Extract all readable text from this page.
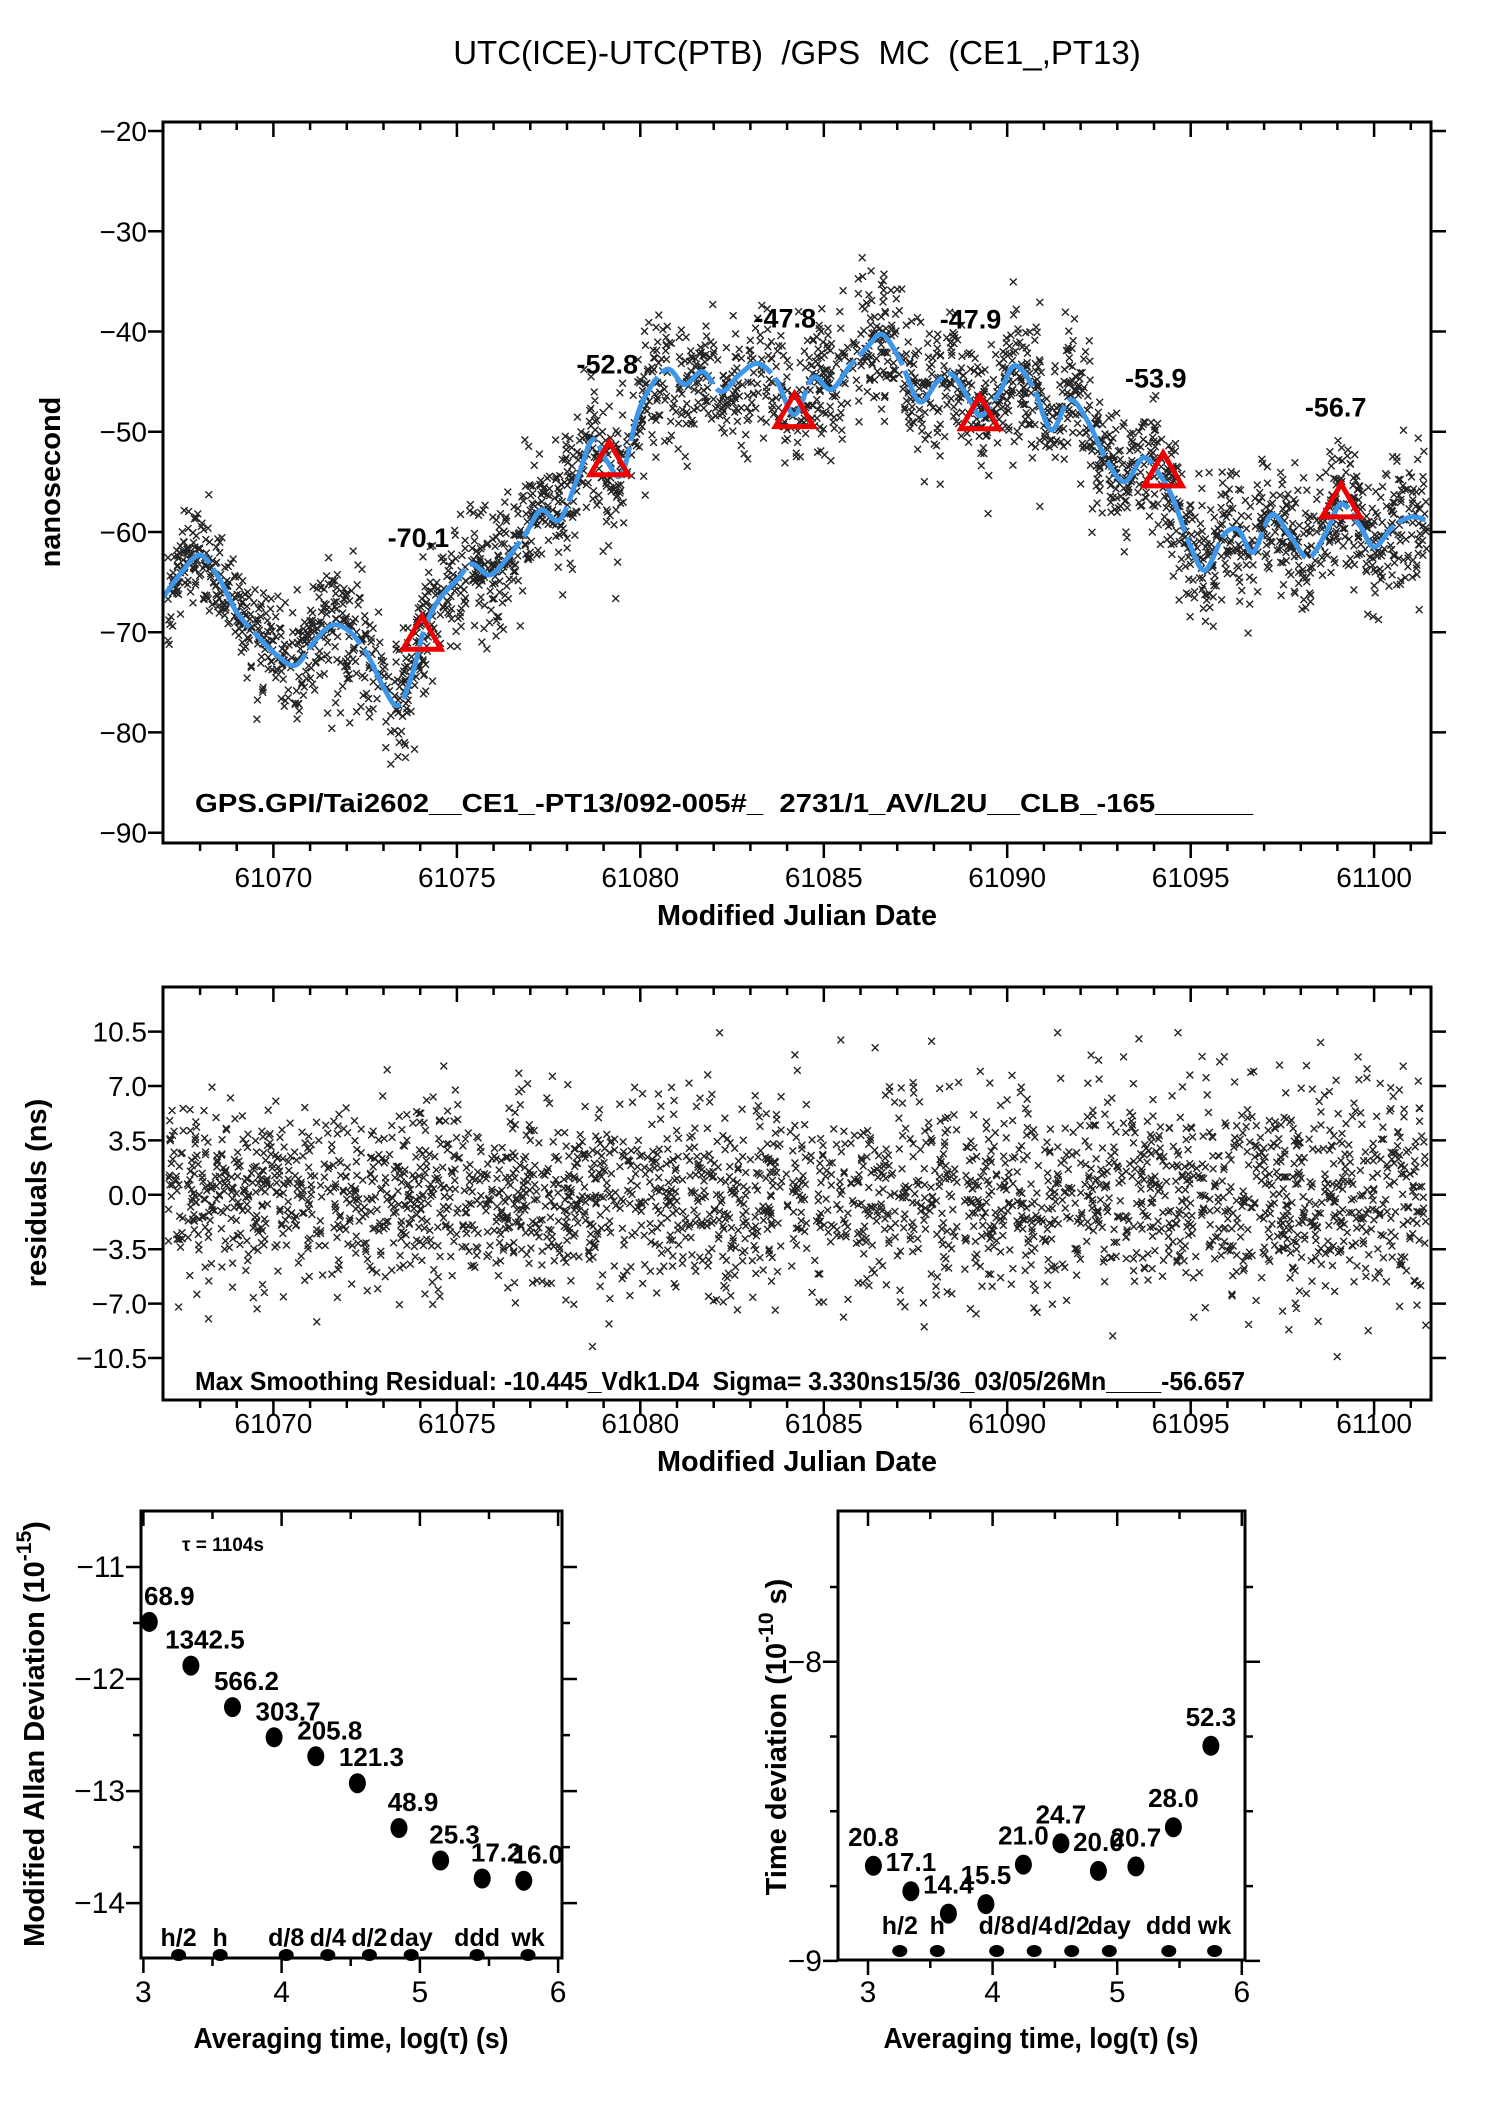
61070	61075	61080	61085	61090	61095	61100
−90
−80
−70
−60
−50
−40
−30
−20
-70.1
-52.8
-47.8	-47.9
-53.9
-56.7
61070	61075	61080	61085	61090	61095	61100
10.5
7.0
3.5
0.0
−3.5
−7.0
−10.5
3	4	5	6
−11
−12
−13
−14
68.9
1342.5
566.2
303.7
205.8
121.3
48.9
25.3
17.2
16.0
h/2 h d/8 d/4 d/2 day ddd wk
3	4	5	6
−8
−9
20.8
17.1
14.4
15.5
21.0
24.7
20.0
20.7
28.0
52.3
h/2 h d/8 d/4 d/2
day ddd wk
UTC(ICE)-UTC(PTB)  /GPS  MC  (CE1_,PT13)
nanosecond
GPS.GPI/Tai2602__CE1_-PT13/092-005#_  2731/1_AV/L2U__CLB_-165______
Modified Julian Date
residuals (ns)
Max Smoothing Residual: -10.445_Vdk1.D4  Sigma= 3.330ns15/36_03/05/26Mn____-56.657
Modified Julian Date
Modified Allan Deviation $(10^{-15})$
τ = 1104s
Averaging time, log(τ) (s)
Time deviation ($10^{-10}$ s)
Averaging time, log(τ) (s)
